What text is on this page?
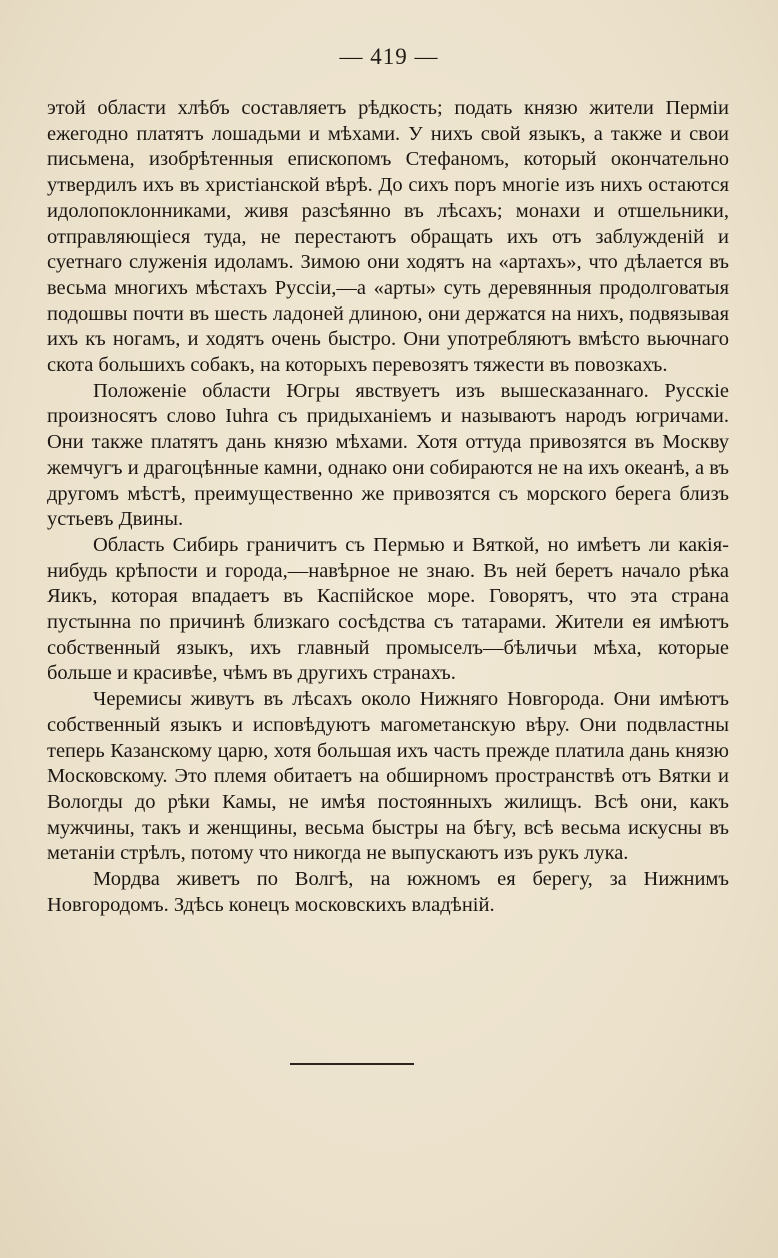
— 419 —

этой области хлѣбъ составляетъ рѣдкость; подать князю жители Перміи ежегодно платятъ лошадьми и мѣхами. У нихъ свой языкъ, а также и свои письмена, изобрѣтенныя епископомъ Стефаномъ, который окончательно утвердилъ ихъ въ христіанской вѣрѣ. До сихъ поръ многіе изъ нихъ остаются идолопоклонниками, живя разсѣянно въ лѣсахъ; монахи и отшельники, отправляющіеся туда, не перестаютъ обращать ихъ отъ заблужденій и суетнаго служенія идоламъ. Зимою они ходятъ на «артахъ», что дѣлается въ весьма многихъ мѣстахъ Руссіи,—а «арты» суть деревянныя продолговатыя подошвы почти въ шесть ладоней длиною, они держатся на нихъ, подвязывая ихъ къ ногамъ, и ходятъ очень быстро. Они употребляютъ вмѣсто вьючнаго скота большихъ собакъ, на которыхъ перевозятъ тяжести въ повозкахъ.

Положеніе области Югры явствуетъ изъ вышесказаннаго. Русскіе произносятъ слово Iuhra съ придыханіемъ и называютъ народъ югричами. Они также платятъ дань князю мѣхами. Хотя оттуда привозятся въ Москву жемчугъ и драгоцѣнные камни, однако они собираются не на ихъ океанѣ, а въ другомъ мѣстѣ, преимущественно же привозятся съ морского берега близъ устьевъ Двины.

Область Сибирь граничитъ съ Пермью и Вяткой, но имѣетъ ли какія-нибудь крѣпости и города,—навѣрное не знаю. Въ ней беретъ начало рѣка Яикъ, которая впадаетъ въ Каспійское море. Говорятъ, что эта страна пустынна по причинѣ близкаго сосѣдства съ татарами. Жители ея имѣютъ собственный языкъ, ихъ главный промыселъ—бѣличьи мѣха, которые больше и красивѣе, чѣмъ въ другихъ странахъ.

Черемисы живутъ въ лѣсахъ около Нижняго Новгорода. Они имѣютъ собственный языкъ и исповѣдуютъ магометанскую вѣру. Они подвластны теперь Казанскому царю, хотя большая ихъ часть прежде платила дань князю Московскому. Это племя обитаетъ на обширномъ пространствѣ отъ Вятки и Вологды до рѣки Камы, не имѣя постоянныхъ жилищъ. Всѣ они, какъ мужчины, такъ и женщины, весьма быстры на бѣгу, всѣ весьма искусны въ метаніи стрѣлъ, потому что никогда не выпускаютъ изъ рукъ лука.

Мордва живетъ по Волгѣ, на южномъ ея берегу, за Нижнимъ Новгородомъ. Здѣсь конецъ московскихъ владѣній.
